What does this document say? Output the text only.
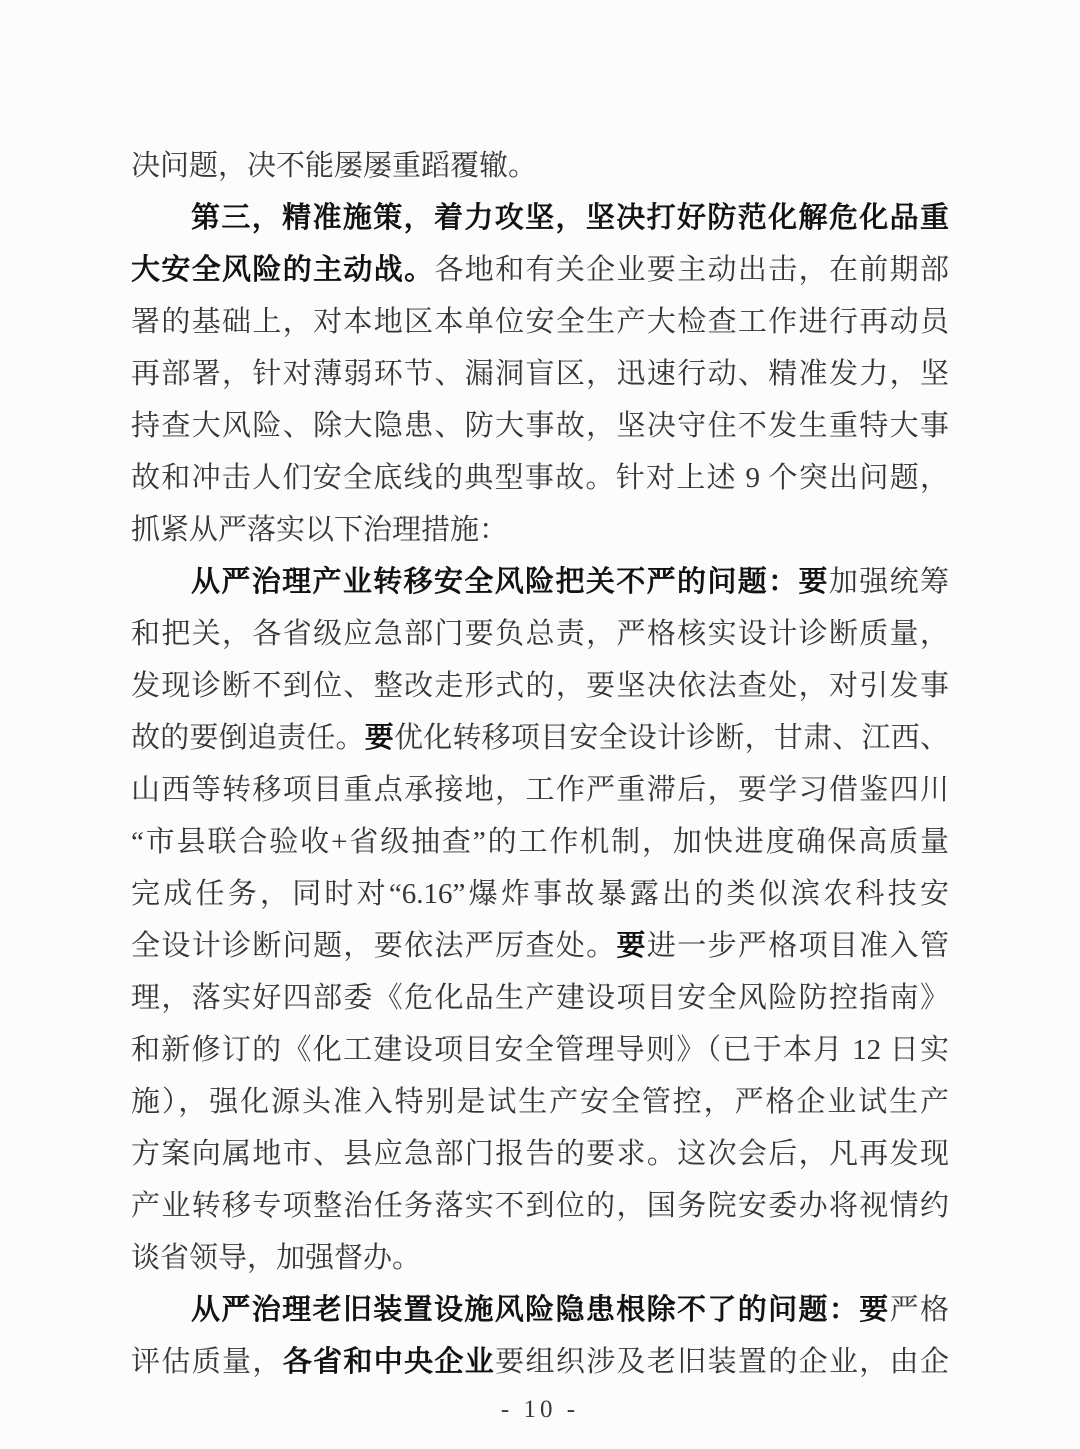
决问题，决不能屡屡重蹈覆辙。
第三，精准施策，着力攻坚，坚决打好防范化解危化品重
大安全风险的主动战。各地和有关企业要主动出击，在前期部
署的基础上，对本地区本单位安全生产大检查工作进行再动员
再部署，针对薄弱环节、漏洞盲区，迅速行动、精准发力，坚
持查大风险、除大隐患、防大事故，坚决守住不发生重特大事
故和冲击人们安全底线的典型事故。针对上述 9 个突出问题，
抓紧从严落实以下治理措施：
从严治理产业转移安全风险把关不严的问题：要加强统筹
和把关，各省级应急部门要负总责，严格核实设计诊断质量，
发现诊断不到位、整改走形式的，要坚决依法查处，对引发事
故的要倒追责任。要优化转移项目安全设计诊断，甘肃、江西、
山西等转移项目重点承接地，工作严重滞后，要学习借鉴四川
“市县联合验收+省级抽查”的工作机制，加快进度确保高质量
完成任务，同时对“6.16”爆炸事故暴露出的类似滨农科技安
全设计诊断问题，要依法严厉查处。要进一步严格项目准入管
理，落实好四部委《危化品生产建设项目安全风险防控指南》
和新修订的《化工建设项目安全管理导则》（已于本月 12 日实
施），强化源头准入特别是试生产安全管控，严格企业试生产
方案向属地市、县应急部门报告的要求。这次会后，凡再发现
产业转移专项整治任务落实不到位的，国务院安委办将视情约
谈省领导，加强督办。
从严治理老旧装置设施风险隐患根除不了的问题：要严格
评估质量，各省和中央企业要组织涉及老旧装置的企业，由企
- 10 -
